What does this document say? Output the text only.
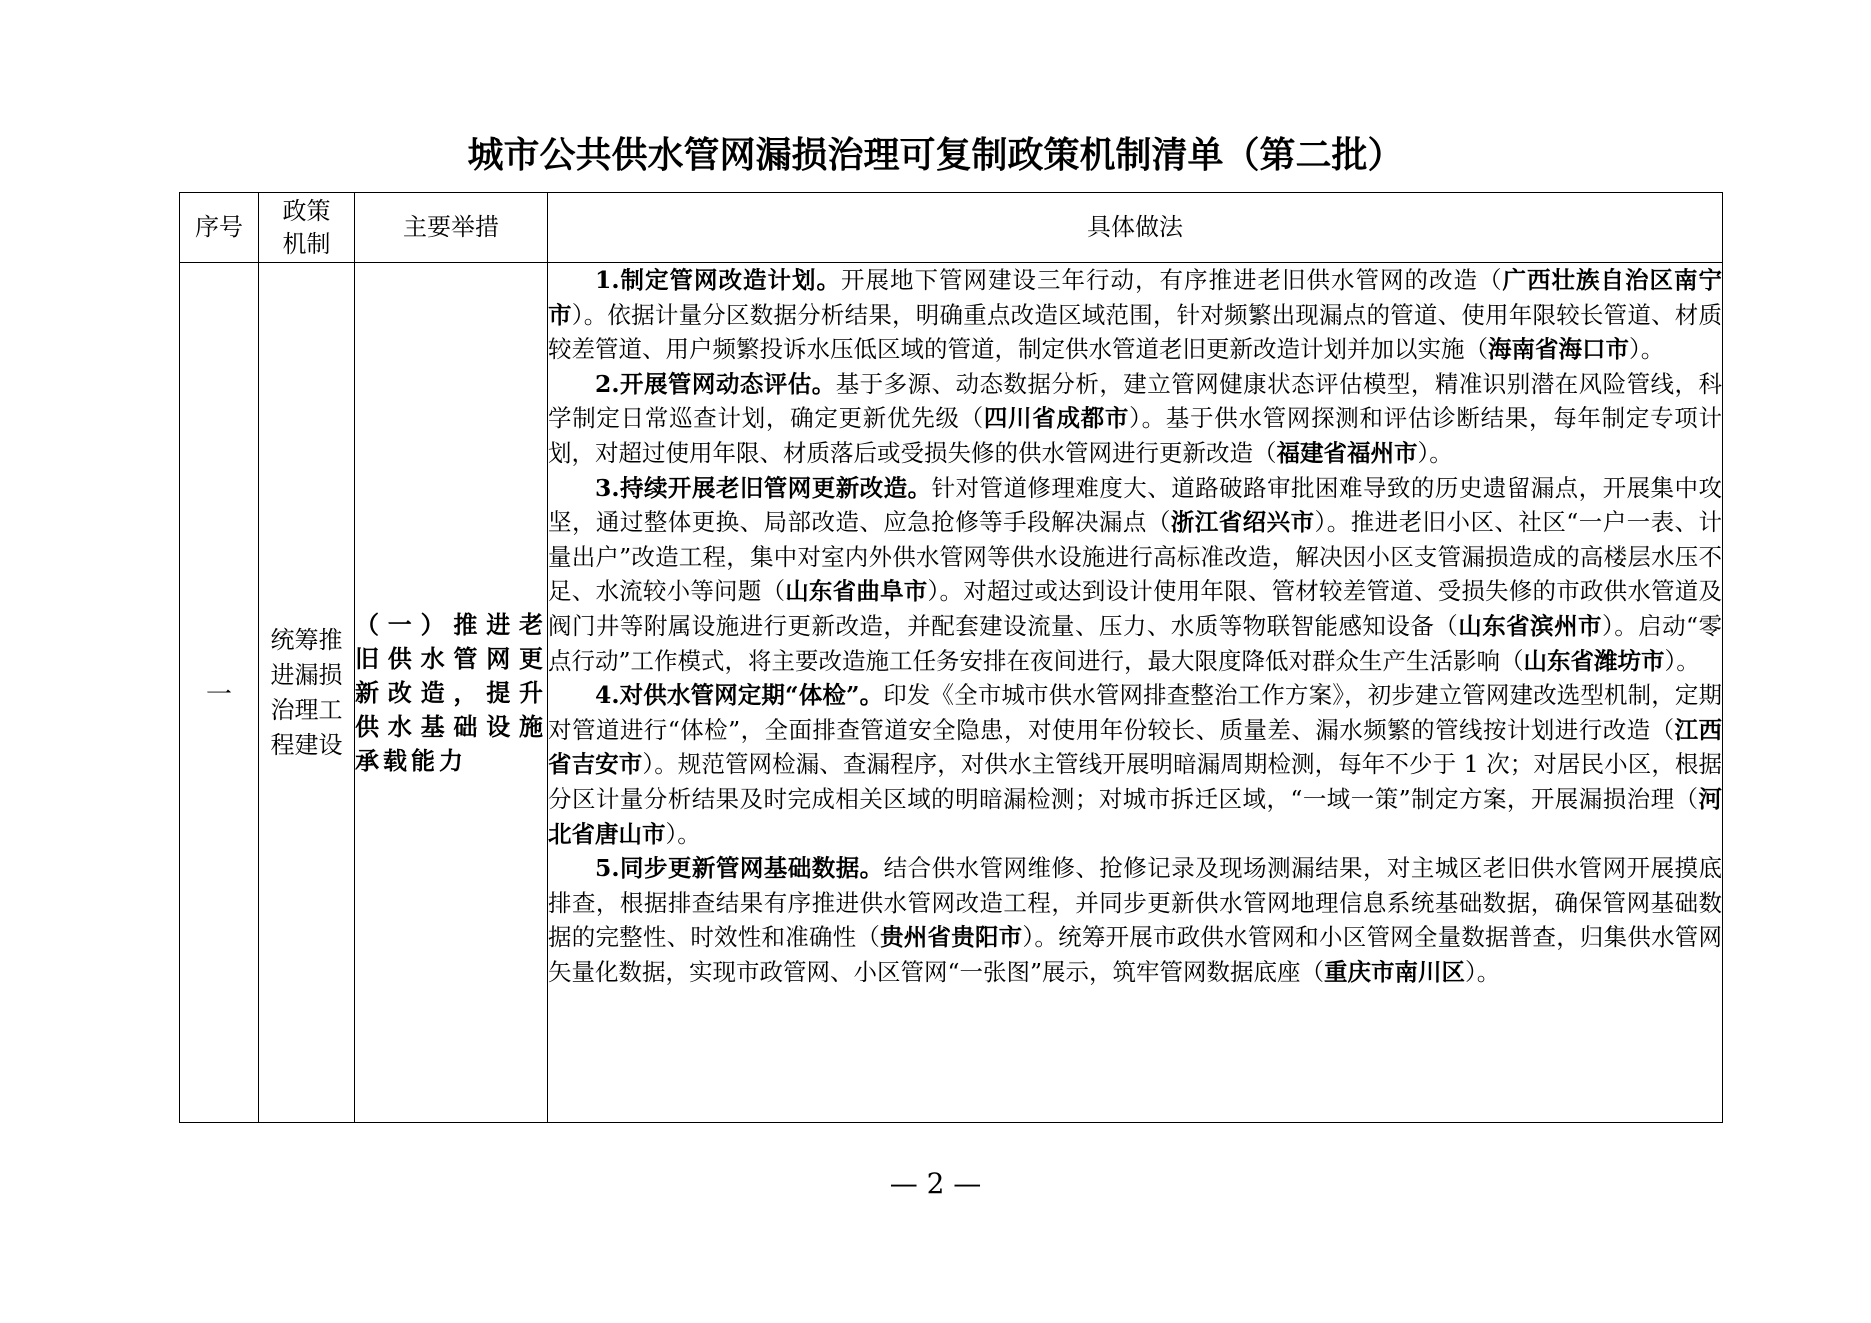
城市公共供水管网漏损治理可复制政策机制清单（第二批）
序号	政策机制	主要举措	具体做法
一	统筹推进漏损治理工程建设	（一）推进老旧供水管网更新改造，提升供水基础设施承载能力	1.制定管网改造计划。开展地下管网建设三年行动，有序推进老旧供水管网的改造（广西壮族自治区南宁市）。依据计量分区数据分析结果，明确重点改造区域范围，针对频繁出现漏点的管道、使用年限较长管道、材质较差管道、用户频繁投诉水压低区域的管道，制定供水管道老旧更新改造计划并加以实施（海南省海口市）。

2.开展管网动态评估。基于多源、动态数据分析，建立管网健康状态评估模型，精准识别潜在风险管线，科学制定日常巡查计划，确定更新优先级（四川省成都市）。基于供水管网探测和评估诊断结果，每年制定专项计划，对超过使用年限、材质落后或受损失修的供水管网进行更新改造（福建省福州市）。

3.持续开展老旧管网更新改造。针对管道修理难度大、道路破路审批困难导致的历史遗留漏点，开展集中攻坚，通过整体更换、局部改造、应急抢修等手段解决漏点（浙江省绍兴市）。推进老旧小区、社区“一户一表、计量出户”改造工程，集中对室内外供水管网等供水设施进行高标准改造，解决因小区支管漏损造成的高楼层水压不足、水流较小等问题（山东省曲阜市）。对超过或达到设计使用年限、管材较差管道、受损失修的市政供水管道及阀门井等附属设施进行更新改造，并配套建设流量、压力、水质等物联智能感知设备（山东省滨州市）。启动“零点行动”工作模式，将主要改造施工任务安排在夜间进行，最大限度降低对群众生产生活影响（山东省潍坊市）。

4.对供水管网定期“体检”。印发《全市城市供水管网排查整治工作方案》，初步建立管网建改选型机制，定期对管道进行“体检”，全面排查管道安全隐患，对使用年份较长、质量差、漏水频繁的管线按计划进行改造（江西省吉安市）。规范管网检漏、查漏程序，对供水主管线开展明暗漏周期检测，每年不少于 1 次；对居民小区，根据分区计量分析结果及时完成相关区域的明暗漏检测；对城市拆迁区域，“一域一策”制定方案，开展漏损治理（河北省唐山市）。

5.同步更新管网基础数据。结合供水管网维修、抢修记录及现场测漏结果，对主城区老旧供水管网开展摸底排查，根据排查结果有序推进供水管网改造工程，并同步更新供水管网地理信息系统基础数据，确保管网基础数据的完整性、时效性和准确性（贵州省贵阳市）。统筹开展市政供水管网和小区管网全量数据普查，归集供水管网矢量化数据，实现市政管网、小区管网“一张图”展示，筑牢管网数据底座（重庆市南川区）。

— 2 —
